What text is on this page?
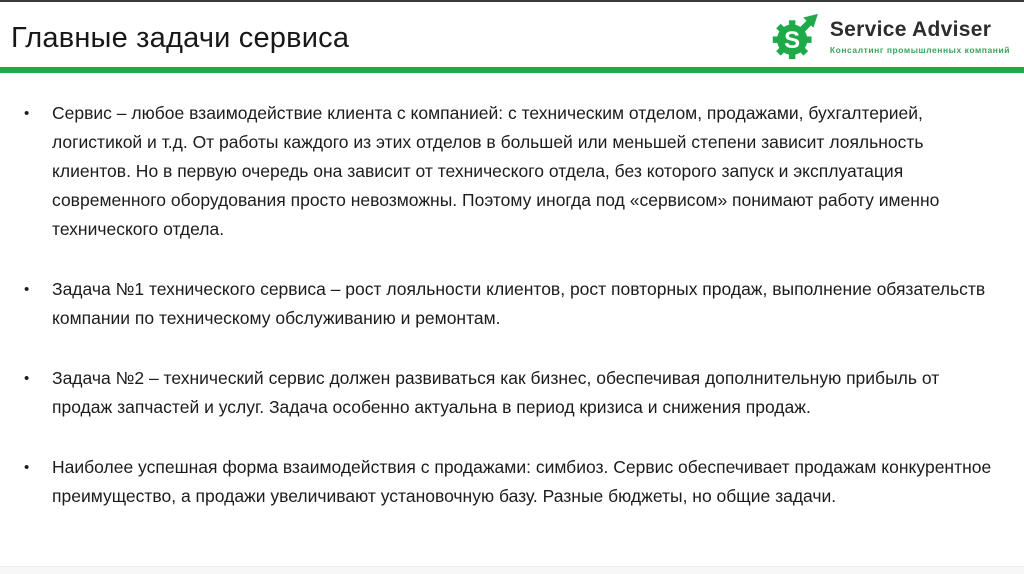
Главные задачи сервиса	S Service Adviser
Консалтинг промышленных компаний
• Сервис – любое взаимодействие клиента с компанией: с техническим отделом, продажами, бухгалтерией, логистикой и т.д. От работы каждого из этих отделов в большей или меньшей степени зависит лояльность клиентов. Но в первую очередь она зависит от технического отдела, без которого запуск и эксплуатация современного оборудования просто невозможны. Поэтому иногда под «сервисом» понимают работу именно технического отдела.
• Задача №1 технического сервиса – рост лояльности клиентов, рост повторных продаж, выполнение обязательств компании по техническому обслуживанию и ремонтам.
• Задача №2 – технический сервис должен развиваться как бизнес, обеспечивая дополнительную прибыль от продаж запчастей и услуг. Задача особенно актуальна в период кризиса и снижения продаж.
• Наиболее успешная форма взаимодействия с продажами: симбиоз. Сервис обеспечивает продажам конкурентное преимущество, а продажи увеличивают установочную базу. Разные бюджеты, но общие задачи.
